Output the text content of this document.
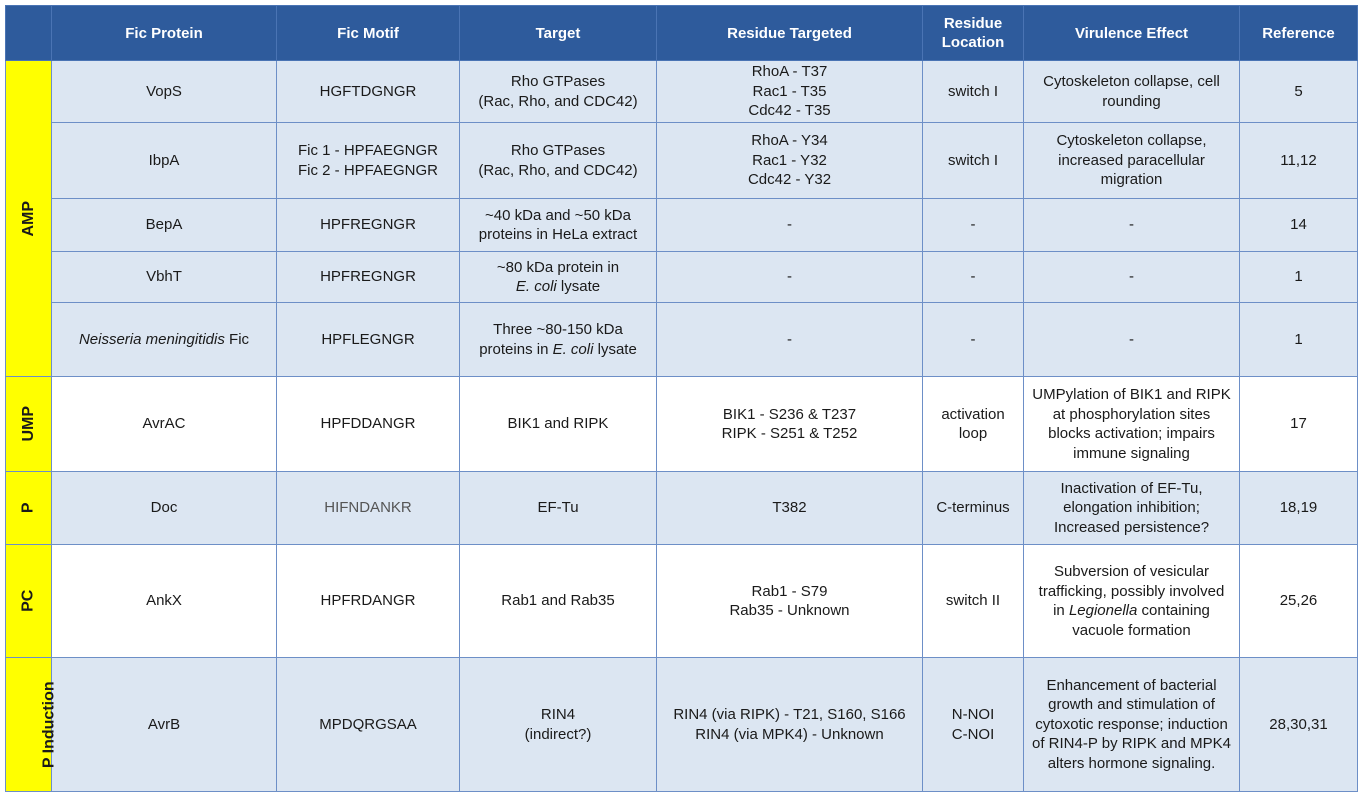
	Fic Protein	Fic Motif	Target	Residue Targeted	Residue Location	Virulence Effect	Reference
AMP	VopS	HGFTDGNGR	Rho GTPases
(Rac, Rho, and CDC42)	RhoA - T37
Rac1 - T35
Cdc42 - T35	switch I	Cytoskeleton collapse, cell
rounding	5

	IbpA	Fic 1 - HPFAEGNGR
Fic 2 - HPFAEGNGR	Rho GTPases
(Rac, Rho, and CDC42)	RhoA - Y34
Rac1 - Y32
Cdc42 - Y32	switch I	Cytoskeleton collapse,
increased paracellular
migration	11,12

	BepA	HPFREGNGR	~40 kDa and ~50 kDa
proteins in HeLa extract	-	-	-	14

	VbhT	HPFREGNGR	~80 kDa protein in
E. coli lysate	-	-	-	1
	Neisseria meningitidis Fic	HPFLEGNGR	Three ~80-150 kDa
proteins in E. coli lysate	-	-	-	1
UMP	AvrAC	HPFDDANGR	BIK1 and RIPK	BIK1 - S236 & T237
RIPK - S251 & T252	activation
loop	UMPylation of BIK1 and RIPK
at phosphorylation sites
blocks activation; impairs
immune signaling	17
P	Doc	HIFNDANKR	EF-Tu	T382	C-terminus	Inactivation of EF-Tu,
elongation inhibition;
Increased persistence?	18,19
PC	AnkX	HPFRDANGR	Rab1 and Rab35	Rab1 - S79
Rab35 - Unknown	switch II	Subversion of vesicular
trafficking, possibly involved
in Legionella containing
vacuole formation	25,26
P Induction	AvrB	MPDQRGSAA	RIN4
(indirect?)	RIN4 (via RIPK) - T21, S160, S166
RIN4 (via MPK4) - Unknown	N-NOI
C-NOI	Enhancement of bacterial
growth and stimulation of
cytoxotic response; induction
of RIN4-P by RIPK and MPK4
alters hormone signaling.	28,30,31
